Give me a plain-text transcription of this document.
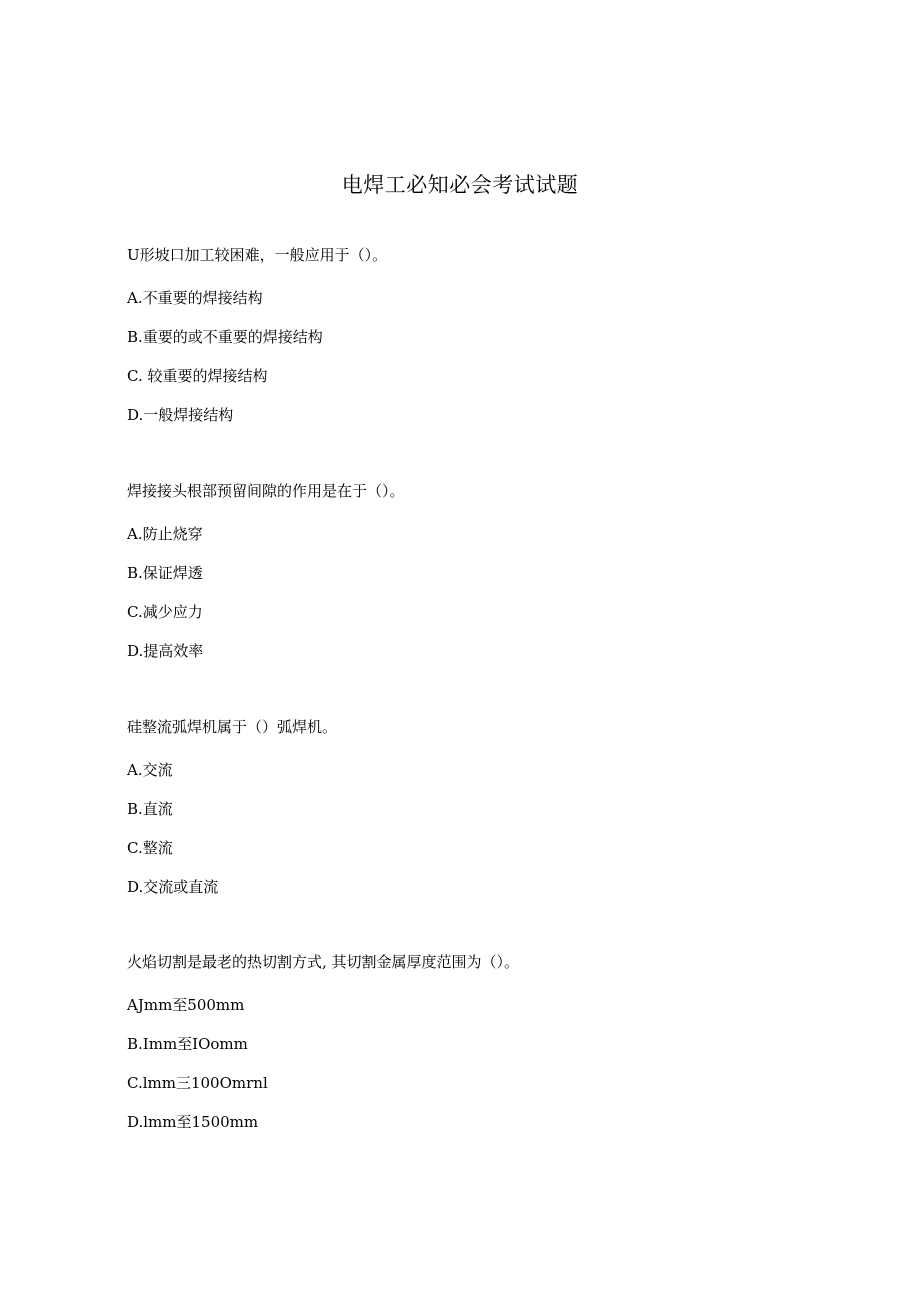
电焊工必知必会考试试题
U形坡口加工较困难，一般应用于（）。
A.不重要的焊接结构
B.重要的或不重要的焊接结构
C. 较重要的焊接结构
D.一般焊接结构
焊接接头根部预留间隙的作用是在于（）。
A.防止烧穿
B.保证焊透
C.减少应力
D.提高效率
硅整流弧焊机属于（）弧焊机。
A.交流
B.直流
C.整流
D.交流或直流
火焰切割是最老的热切割方式, 其切割金属厚度范围为（）。
AJmm至500mm
B.Imm至IOomm
C.lmm三100Omrnl
D.lmm至1500mm
